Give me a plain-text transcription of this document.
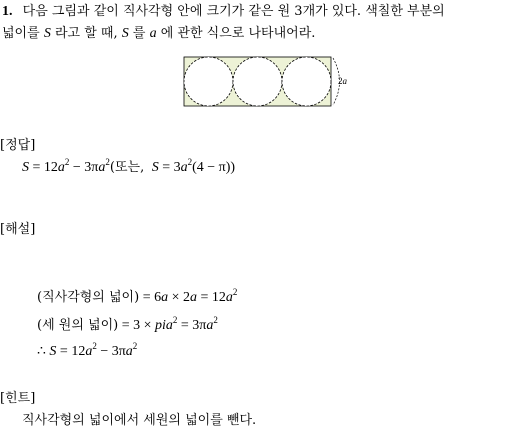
1. 다음 그림과 같이 직사각형 안에 크기가 같은 원 3개가 있다. 색칠한 부분의
넓이를 S 라고 할 때, S 를 a 에 관한 식으로 나타내어라.
2a
[정답]
$S = 12a^2 - 3\pi a^2$(또는, $S = 3a^2(4 - \pi)$)
[해설]
(직사각형의 넓이) = $6a \times 2a = 12a^2$
(세 원의 넓이) = $3 \times pia^2 = 3\pi a^2$
∴ $S = 12a^2 - 3\pi a^2$
[힌트]
직사각형의 넓이에서 세원의 넓이를 뺀다.
